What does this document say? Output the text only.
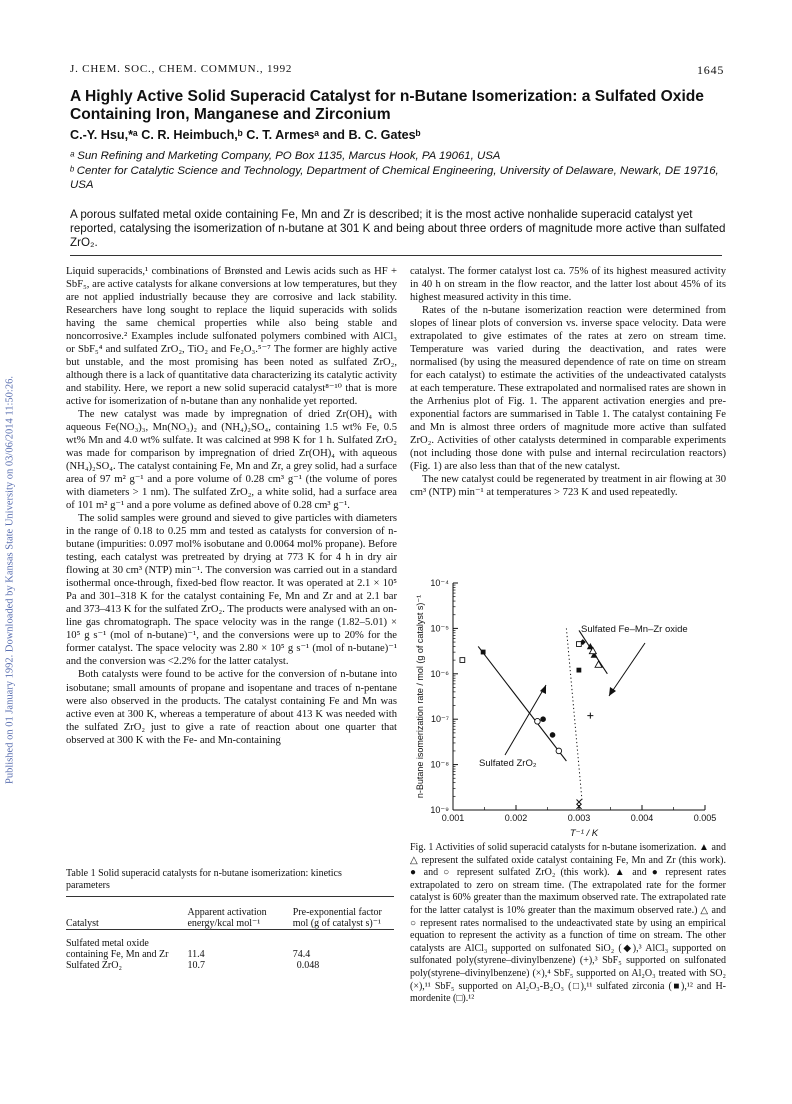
Published on 01 January 1992. Downloaded by Kansas State University on 03/06/2014 11:50:26.
J. CHEM. SOC., CHEM. COMMUN., 1992	1645
A Highly Active Solid Superacid Catalyst for n-Butane Isomerization: a Sulfated Oxide Containing Iron, Manganese and Zirconium
C.-Y. Hsu,*ᵃ C. R. Heimbuch,ᵇ C. T. Armesᵃ and B. C. Gatesᵇ
ᵃ Sun Refining and Marketing Company, PO Box 1135, Marcus Hook, PA 19061, USA
ᵇ Center for Catalytic Science and Technology, Department of Chemical Engineering, University of Delaware, Newark, DE 19716, USA
A porous sulfated metal oxide containing Fe, Mn and Zr is described; it is the most active nonhalide superacid catalyst yet reported, catalysing the isomerization of n-butane at 301 K and being about three orders of magnitude more active than sulfated ZrO₂.

Liquid superacids,¹ combinations of Brønsted and Lewis acids such as HF + SbF₅, are active catalysts for alkane conversions at low temperatures, but they are not applied industrially because they are corrosive and lack stability. Researchers have long sought to replace the liquid superacids with solids having the same chemical properties while also being stable and noncorrosive.² Examples include sulfonated polymers combined with AlCl₃ or SbF₅⁴ and sulfated ZrO₂, TiO₂ and Fe₂O₃.⁵⁻⁷ The former are highly active but unstable, and the most promising has been noted as sulfated ZrO₂, although there is a lack of quantitative data characterizing its catalytic activity and stability. Here, we report a new solid superacid catalyst⁸⁻¹⁰ that is more active for isomerization of n-butane than any nonhalide yet reported.

The new catalyst was made by impregnation of dried Zr(OH)₄ with aqueous Fe(NO₃)₃, Mn(NO₃)₂ and (NH₄)₂SO₄, containing 1.5 wt% Fe, 0.5 wt% Mn and 4.0 wt% sulfate. It was calcined at 998 K for 1 h. Sulfated ZrO₂ was made for comparison by impregnation of dried Zr(OH)₄ with aqueous (NH₄)₂SO₄. The catalyst containing Fe, Mn and Zr, a grey solid, had a surface area of 97 m² g⁻¹ and a pore volume of 0.28 cm³ g⁻¹ (the volume of pores with diameters > 1 nm). The sulfated ZrO₂, a white solid, had a surface area of 101 m² g⁻¹ and a pore volume as defined above of 0.28 cm³ g⁻¹.

The solid samples were ground and sieved to give particles with diameters in the range of 0.18 to 0.25 mm and tested as catalysts for conversion of n-butane (impurities: 0.097 mol% isobutane and 0.0064 mol% propane). Before testing, each catalyst was pretreated by drying at 773 K for 4 h in dry air flowing at 30 cm³ (NTP) min⁻¹. The conversion was carried out in a standard isothermal once-through, fixed-bed flow reactor. It was operated at 2.1 × 10⁵ Pa and 301–318 K for the catalyst containing Fe, Mn and Zr and at 2.1 bar and 373–413 K for the sulfated ZrO₂. The products were analysed with an on-line gas chromatograph. The space velocity was in the range (1.82–5.01) × 10⁵ g s⁻¹ (mol of n-butane)⁻¹, and the conversions were up to 20% for the former catalyst. The space velocity was 2.80 × 10⁵ g s⁻¹ (mol of n-butane)⁻¹ and the conversion was <2.2% for the latter catalyst.

Both catalysts were found to be active for the conversion of n-butane into isobutane; small amounts of propane and isopentane and traces of n-pentane were also observed in the products. The catalyst containing Fe and Mn was active even at 300 K, whereas a temperature of about 413 K was needed with the sulfated ZrO₂ just to give a rate of reaction about one quarter that observed at 300 K with the Fe- and Mn-containing

catalyst. The former catalyst lost ca. 75% of its highest measured activity in 40 h on stream in the flow reactor, and the latter lost about 45% of its highest measured activity in this time.

Rates of the n-butane isomerization reaction were determined from slopes of linear plots of conversion vs. inverse space velocity. Data were extrapolated to give estimates of the rates at zero on stream time. Temperature was varied during the deactivation, and rates were normalised (by using the measured dependence of rate on time on stream for each catalyst) to estimate the activities of the undeactivated catalysts at each temperature. These extrapolated and normalised rates are shown in the Arrhenius plot of Fig. 1. The apparent activation energies and pre-exponential factors are summarised in Table 1. The catalyst containing Fe and Mn is almost three orders of magnitude more active than sulfated ZrO₂. Activities of other catalysts determined in comparable experiments (not including those done with pulse and internal recirculation reactors) (Fig. 1) are also less than that of the new catalyst.

The new catalyst could be regenerated by treatment in air flowing at 30 cm³ (NTP) min⁻¹ at temperatures > 723 K and used repeatedly.

10⁻⁹
10⁻⁸
10⁻⁷
10⁻⁶
10⁻⁵
10⁻⁴
0.001	0.002	0.003	0.004	0.005
T⁻¹ / K
n-Butane isomerization rate / mol (g of catalyst s)⁻¹	Sulfated Fe–Mn–Zr oxide
Sulfated ZrO₂
Fig. 1 Activities of solid superacid catalysts for n-butane isomerization. ▲ and △ represent the sulfated oxide catalyst containing Fe, Mn and Zr (this work). ● and ○ represent sulfated ZrO₂ (this work). ▲ and ● represent rates extrapolated to zero on stream time. (The extrapolated rate for the former catalyst is 60% greater than the maximum observed rate. The extrapolated rate for the latter catalyst is 10% greater than the maximum observed rate.) △ and ○ represent rates normalised to the undeactivated state by using an empirical equation to represent the activity as a function of time on stream. The other catalysts are AlCl₃ supported on sulfonated SiO₂ (◆),³ AlCl₃ supported on sulfonated poly(styrene–divinylbenzene) (+),³ SbF₅ supported on sulfonated poly(styrene–divinylbenzene) (×),⁴ SbF₅ supported on Al₂O₃ treated with SO₂ (×),¹¹ SbF₅ supported on Al₂O₃-B₂O₃ (□),¹¹ sulfated zirconia (■),¹² and H-mordenite (□).¹²
Table 1 Solid superacid catalysts for n-butane isomerization: kinetics parameters

Catalyst	Apparent activation energy/kcal mol⁻¹	Pre-exponential factor mol (g of catalyst s)⁻¹

Sulfated metal oxide containing Fe, Mn and Zr	11.4	74.4
Sulfated ZrO₂	10.7	0.048
